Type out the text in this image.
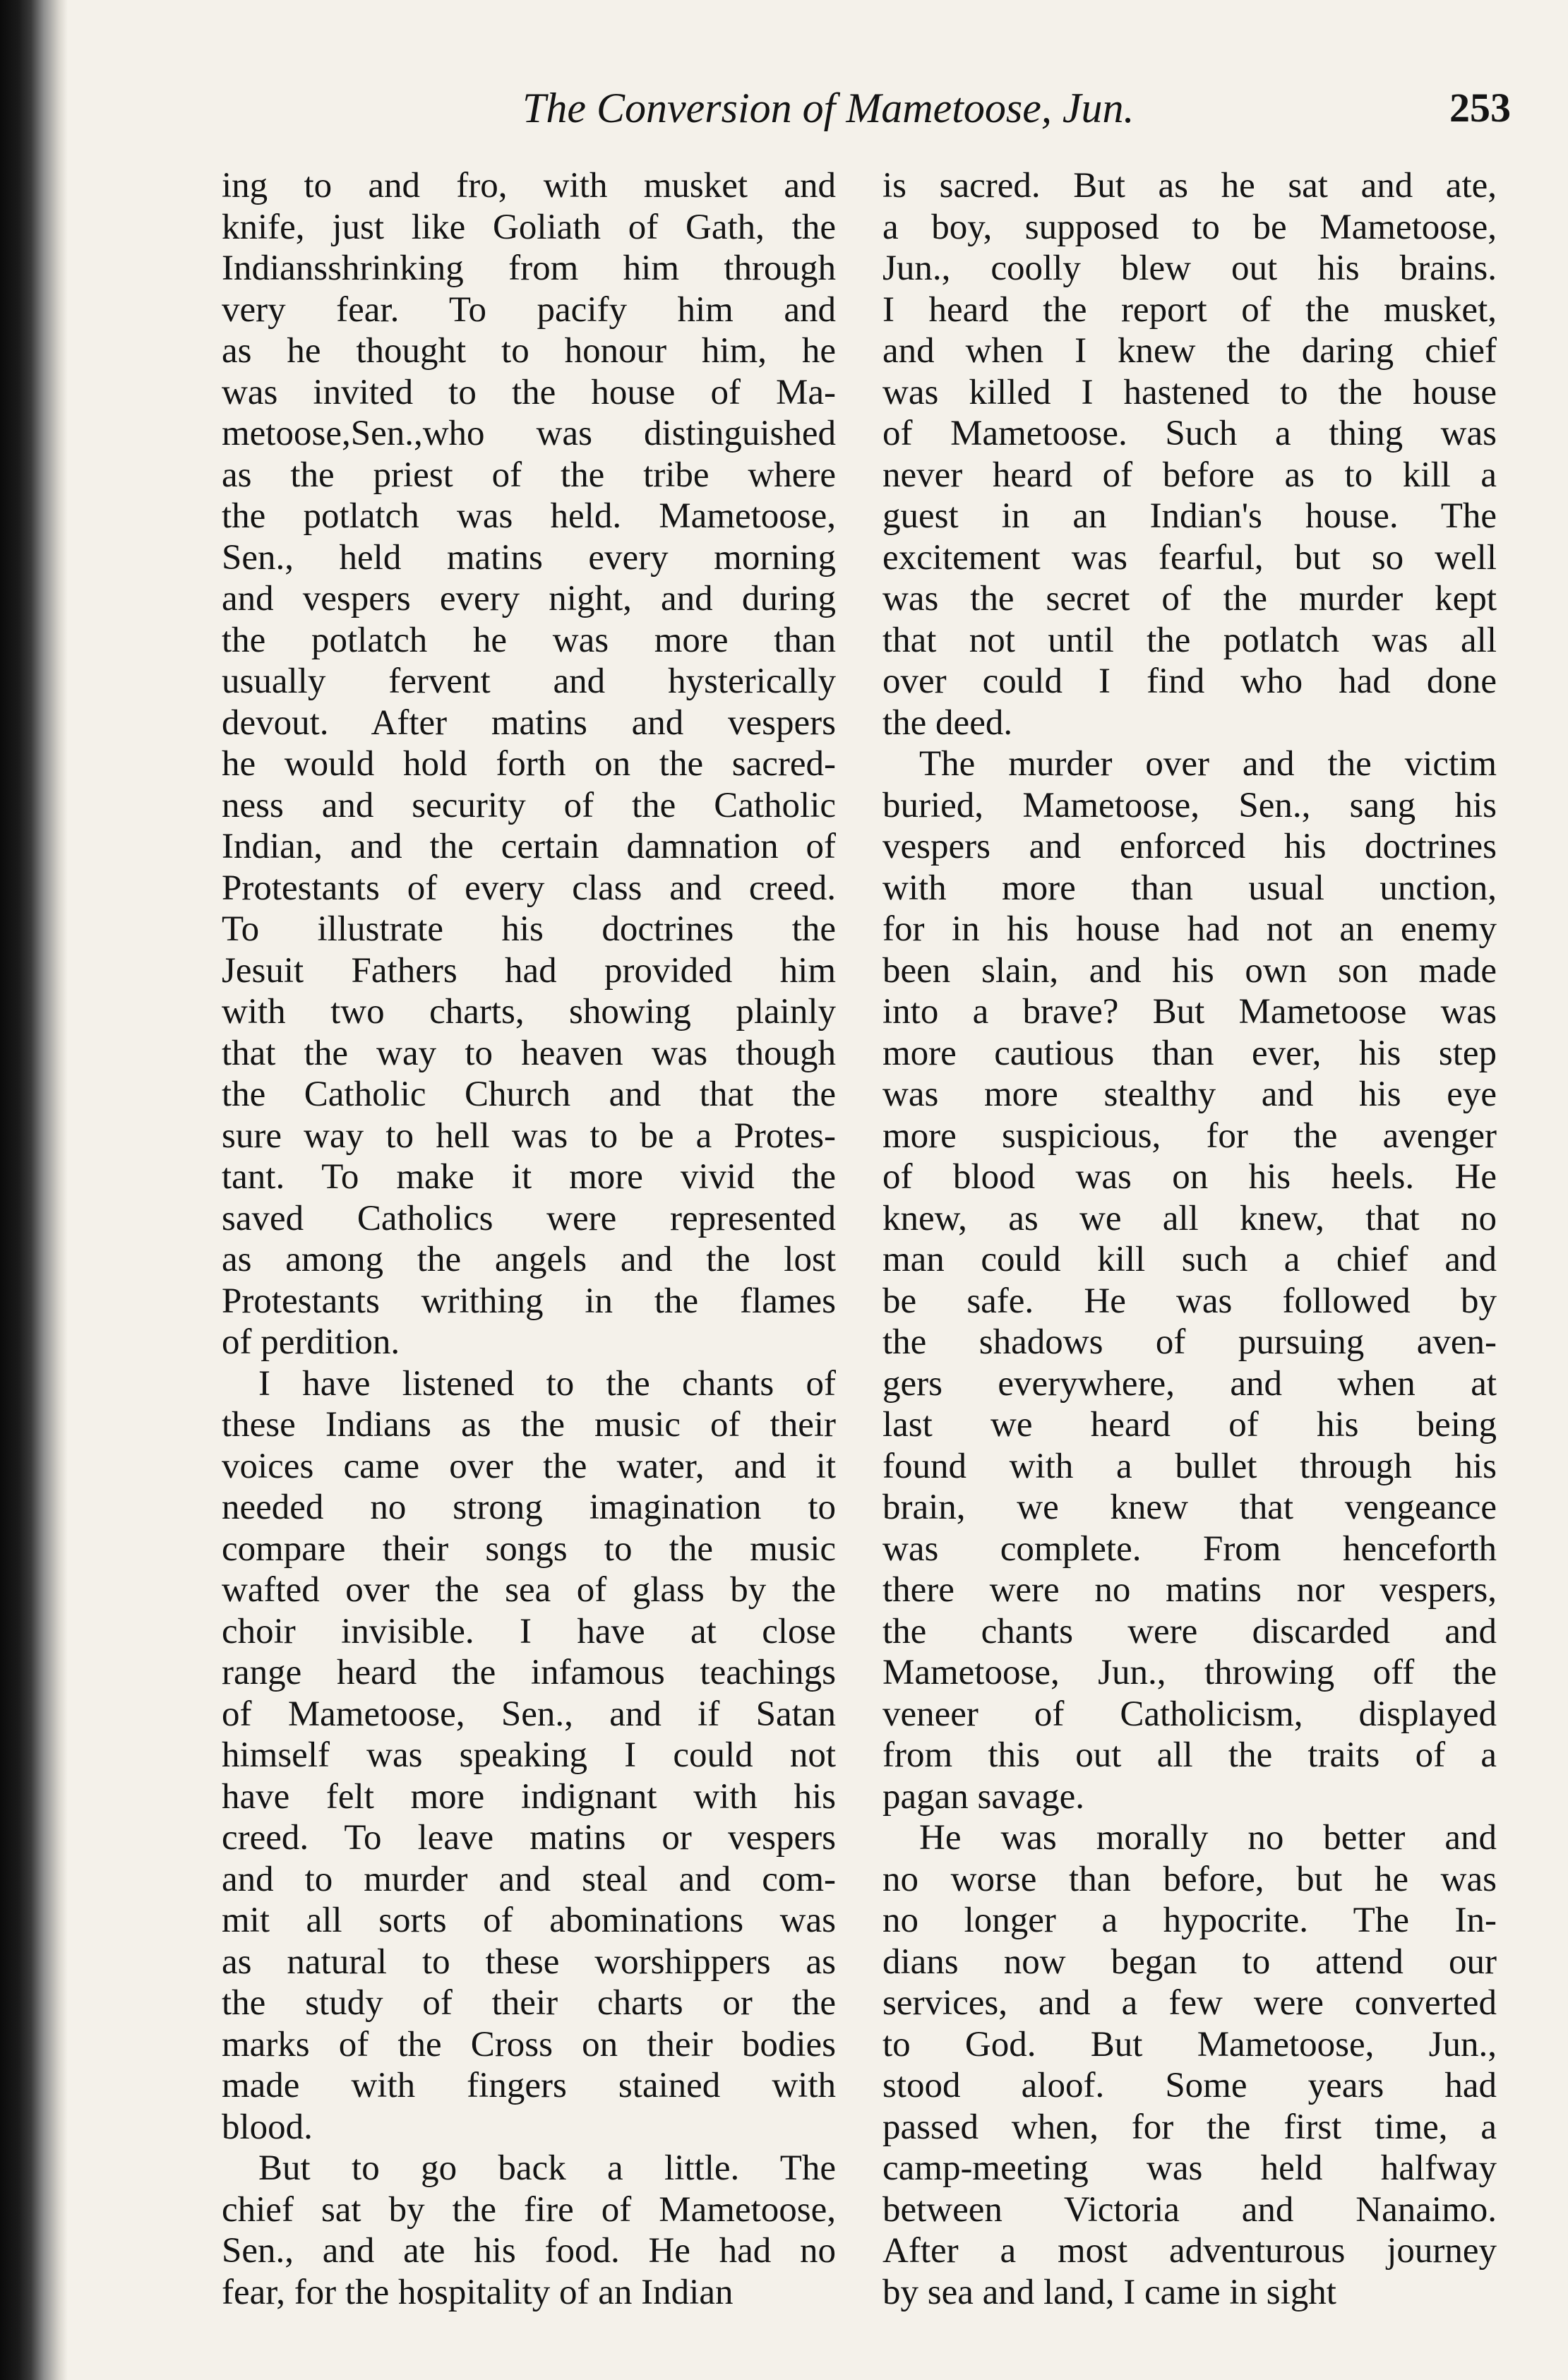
The Conversion of Mametoose, Jun.	253
ing to and fro, with musket and
knife, just like Goliath of Gath, the
Indiansshrinking from him through
very fear. To pacify him and
as he thought to honour him, he
was invited to the house of Ma-
metoose,Sen.,who was distinguished
as the priest of the tribe where
the potlatch was held. Mametoose,
Sen., held matins every morning
and vespers every night, and during
the potlatch he was more than
usually fervent and hysterically
devout. After matins and vespers
he would hold forth on the sacred-
ness and security of the Catholic
Indian, and the certain damnation of
Protestants of every class and creed.
To illustrate his doctrines the
Jesuit Fathers had provided him
with two charts, showing plainly
that the way to heaven was though
the Catholic Church and that the
sure way to hell was to be a Protes-
tant. To make it more vivid the
saved Catholics were represented
as among the angels and the lost
Protestants writhing in the flames
of perdition.
I have listened to the chants of
these Indians as the music of their
voices came over the water, and it
needed no strong imagination to
compare their songs to the music
wafted over the sea of glass by the
choir invisible. I have at close
range heard the infamous teachings
of Mametoose, Sen., and if Satan
himself was speaking I could not
have felt more indignant with his
creed. To leave matins or vespers
and to murder and steal and com-
mit all sorts of abominations was
as natural to these worshippers as
the study of their charts or the
marks of the Cross on their bodies
made with fingers stained with
blood.
But to go back a little. The
chief sat by the fire of Mametoose,
Sen., and ate his food. He had no
fear, for the hospitality of an Indian
is sacred. But as he sat and ate,
a boy, supposed to be Mametoose,
Jun., coolly blew out his brains.
I heard the report of the musket,
and when I knew the daring chief
was killed I hastened to the house
of Mametoose. Such a thing was
never heard of before as to kill a
guest in an Indian's house. The
excitement was fearful, but so well
was the secret of the murder kept
that not until the potlatch was all
over could I find who had done
the deed.
The murder over and the victim
buried, Mametoose, Sen., sang his
vespers and enforced his doctrines
with more than usual unction,
for in his house had not an enemy
been slain, and his own son made
into a brave? But Mametoose was
more cautious than ever, his step
was more stealthy and his eye
more suspicious, for the avenger
of blood was on his heels. He
knew, as we all knew, that no
man could kill such a chief and
be safe. He was followed by
the shadows of pursuing aven-
gers everywhere, and when at
last we heard of his being
found with a bullet through his
brain, we knew that vengeance
was complete. From henceforth
there were no matins nor vespers,
the chants were discarded and
Mametoose, Jun., throwing off the
veneer of Catholicism, displayed
from this out all the traits of a
pagan savage.
He was morally no better and
no worse than before, but he was
no longer a hypocrite. The In-
dians now began to attend our
services, and a few were converted
to God. But Mametoose, Jun.,
stood aloof. Some years had
passed when, for the first time, a
camp-meeting was held halfway
between Victoria and Nanaimo.
After a most adventurous journey
by sea and land, I came in sight
